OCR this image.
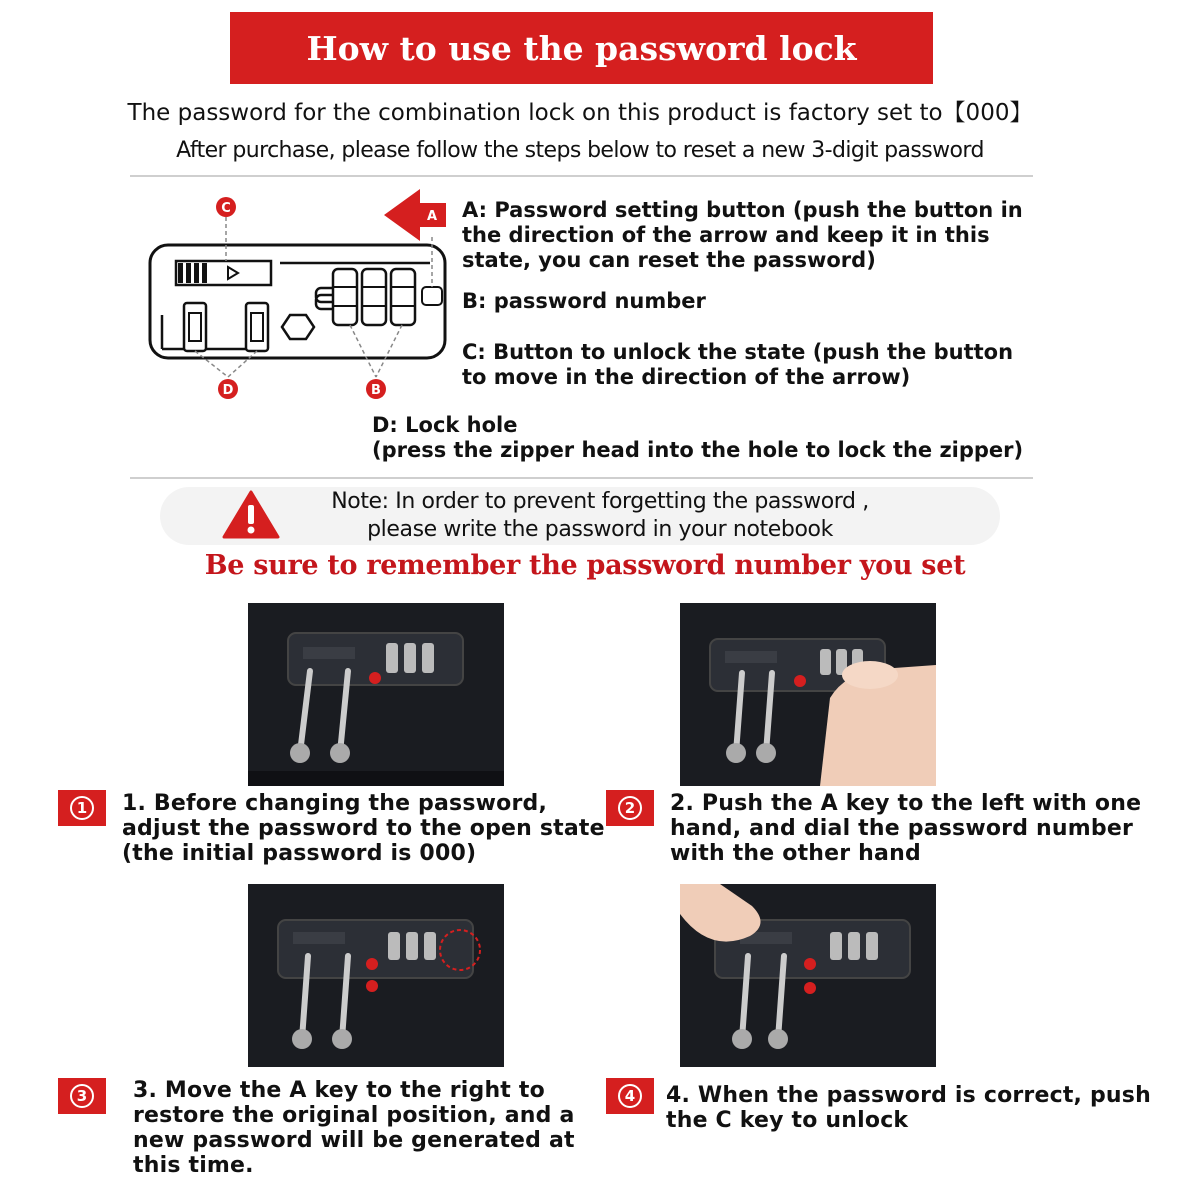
How to use the password lock
The password for the combination lock on this product is factory set to【000】
After purchase, please follow the steps below to reset a new 3-digit password
C
A
B
D
A: Password setting button (push the button in
the direction of the arrow and keep it in this
state, you can reset the password)
B: password number
C: Button to unlock the state (push the button
to move in the direction of the arrow)
D: Lock hole
(press the zipper head into the hole to lock the zipper)
Note: In order to prevent forgetting the password ,
please write the password in your notebook
Be sure to remember the password number you set
1	1. Before changing the password,
adjust the password to the open state
(the initial password is 000)
2	2. Push the A key to the left with one
hand, and dial the password number
with the other hand
3	3. Move the A key to the right to
restore the original position, and a
new password will be generated at
this time.
4	4. When the password is correct, push
the C key to unlock
